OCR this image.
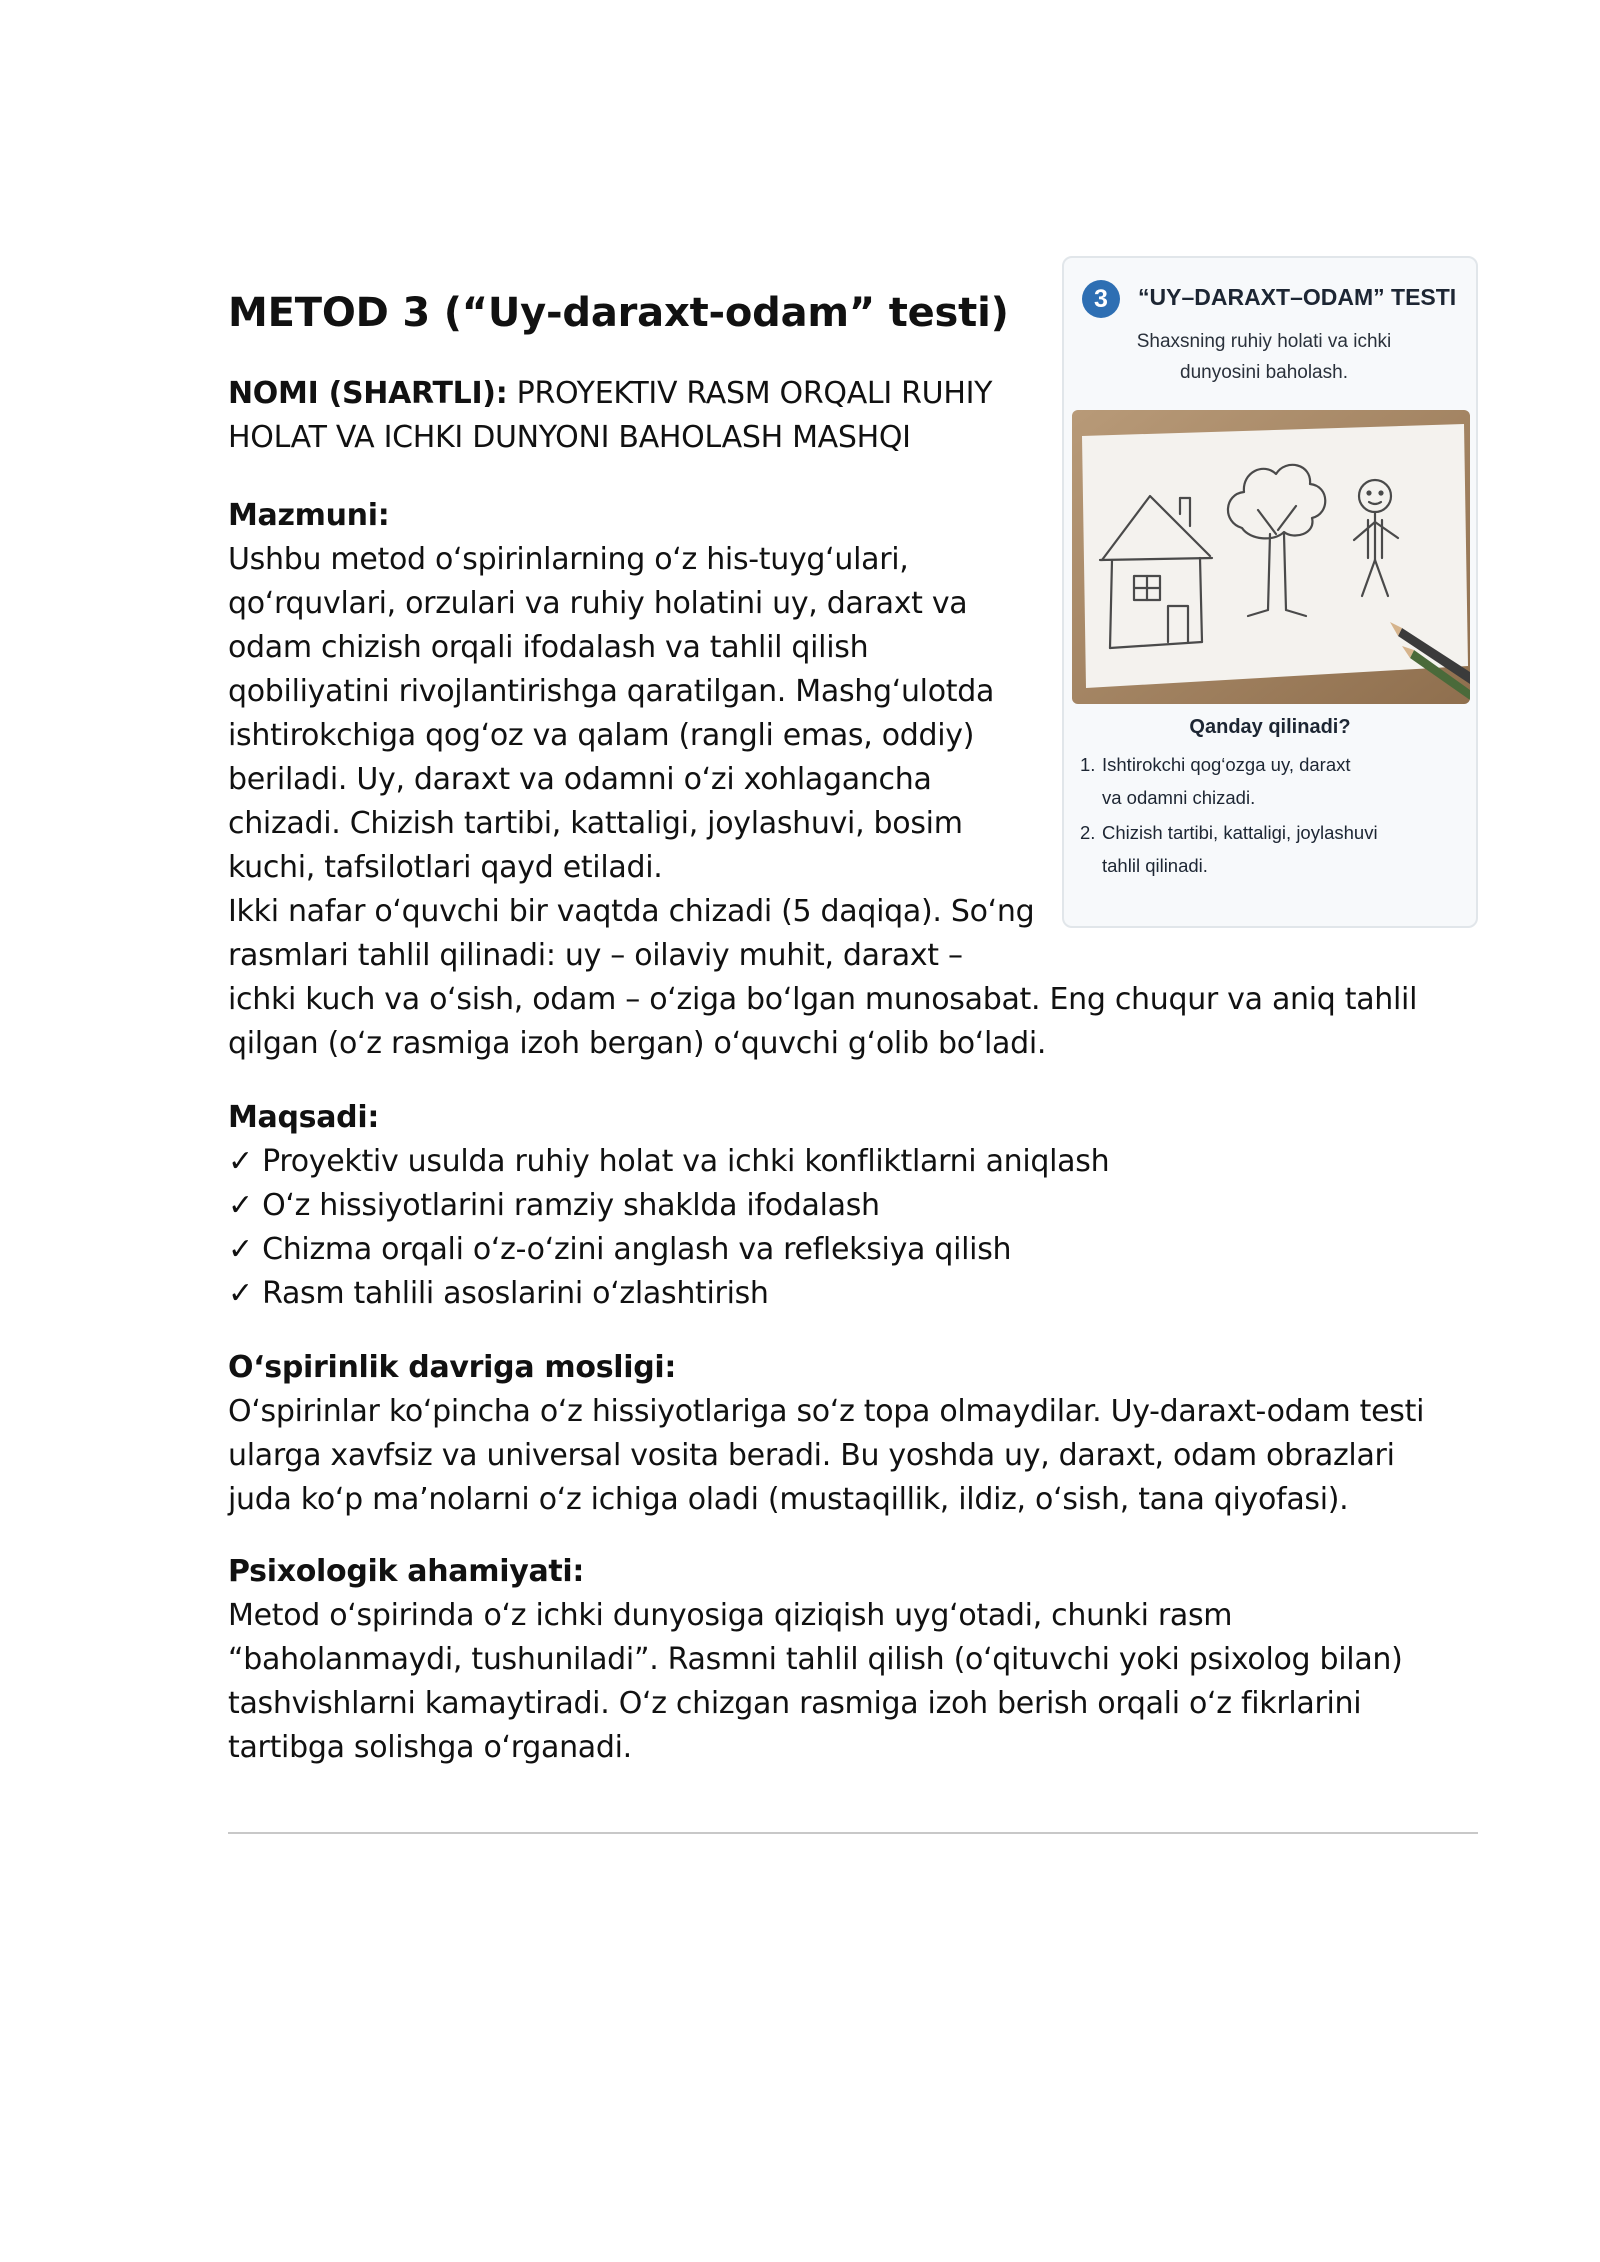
METOD 3 (“Uy-daraxt-odam” testi)

NOMI (SHARTLI): PROYEKTIV RASM ORQALI RUHIY
HOLAT VA ICHKI DUNYONI BAHOLASH MASHQI

Mazmuni:
Ushbu metod o‘spirinlarning o‘z his-tuyg‘ulari,
qo‘rquvlari, orzulari va ruhiy holatini uy, daraxt va
odam chizish orqali ifodalash va tahlil qilish
qobiliyatini rivojlantirishga qaratilgan. Mashg‘ulotda
ishtirokchiga qog‘oz va qalam (rangli emas, oddiy)
beriladi. Uy, daraxt va odamni o‘zi xohlagancha
chizadi. Chizish tartibi, kattaligi, joylashuvi, bosim
kuchi, tafsilotlari qayd etiladi.
Ikki nafar o‘quvchi bir vaqtda chizadi (5 daqiqa). So‘ng
rasmlari tahlil qilinadi: uy – oilaviy muhit, daraxt –
ichki kuch va o‘sish, odam – o‘ziga bo‘lgan munosabat. Eng chuqur va aniq tahlil
qilgan (o‘z rasmiga izoh bergan) o‘quvchi g‘olib bo‘ladi.
Maqsadi:
✓ Proyektiv usulda ruhiy holat va ichki konfliktlarni aniqlash
✓ O‘z hissiyotlarini ramziy shaklda ifodalash
✓ Chizma orqali o‘z-o‘zini anglash va refleksiya qilish
✓ Rasm tahlili asoslarini o‘zlashtirish
O‘spirinlik davriga mosligi:
O‘spirinlar ko‘pincha o‘z hissiyotlariga so‘z topa olmaydilar. Uy-daraxt-odam testi
ularga xavfsiz va universal vosita beradi. Bu yoshda uy, daraxt, odam obrazlari
juda ko‘p ma’nolarni o‘z ichiga oladi (mustaqillik, ildiz, o‘sish, tana qiyofasi).
Psixologik ahamiyati:
Metod o‘spirinda o‘z ichki dunyosiga qiziqish uyg‘otadi, chunki rasm
“baholanmaydi, tushuniladi”. Rasmni tahlil qilish (o‘qituvchi yoki psixolog bilan)
tashvishlarni kamaytiradi. O‘z chizgan rasmiga izoh berish orqali o‘z fikrlarini
tartibga solishga o‘rganadi.
3	“UY–DARAXT–ODAM” TESTI
Shaxsning ruhiy holati va ichki
dunyosini baholash.
Qanday qilinadi?
1. Ishtirokchi qog‘ozga uy, daraxt
va odamni chizadi.
2. Chizish tartibi, kattaligi, joylashuvi
tahlil qilinadi.
